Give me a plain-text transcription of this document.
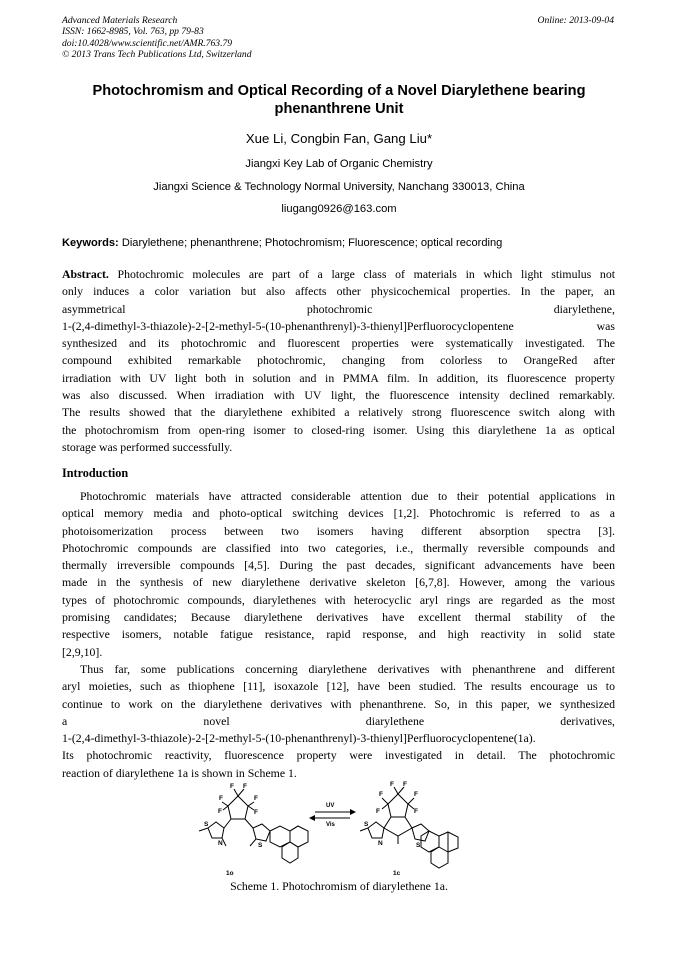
Advanced Materials Research
ISSN: 1662-8985, Vol. 763, pp 79-83
doi:10.4028/www.scientific.net/AMR.763.79
© 2013 Trans Tech Publications Ltd, Switzerland
Online: 2013-09-04
Photochromism and Optical Recording of a Novel Diarylethene bearing
phenanthrene Unit
Xue Li, Congbin Fan, Gang Liu*
Jiangxi Key Lab of Organic Chemistry
Jiangxi Science & Technology Normal University, Nanchang 330013, China
liugang0926@163.com
Keywords: Diarylethene; phenanthrene; Photochromism; Fluorescence; optical recording
Abstract. Photochromic molecules are part of a large class of materials in which light stimulus not
only induces a color variation but also affects other physicochemical properties. In the paper, an
asymmetrical photochromic diarylethene,
1-(2,4-dimethyl-3-thiazole)-2-[2-methyl-5-(10-phenanthrenyl)-3-thienyl]Perfluorocyclopentene was
synthesized and its photochromic and fluorescent properties were systematically investigated. The
compound exhibited remarkable photochromic, changing from colorless to OrangeRed after
irradiation with UV light both in solution and in PMMA film. In addition, its fluorescence property
was also discussed. When irradiation with UV light, the fluorescence intensity declined remarkably.
The results showed that the diarylethene exhibited a relatively strong fluorescence switch along with
the photochromism from open-ring isomer to closed-ring isomer. Using this diarylethene 1a as optical
storage was performed successfully.
Introduction
Photochromic materials have attracted considerable attention due to their potential applications in
optical memory media and photo-optical switching devices [1,2]. Photochromic is referred to as a
photoisomerization process between two isomers having different absorption spectra [3].
Photochromic compounds are classified into two categories, i.e., thermally reversible compounds and
thermally irreversible compounds [4,5]. During the past decades, significant advancements have been
made in the synthesis of new diarylethene derivative skeleton [6,7,8]. However, among the various
types of photochromic compounds, diarylethenes with heterocyclic aryl rings are regarded as the most
promising candidates; Because diarylethene derivatives have excellent thermal stability of the
respective isomers, notable fatigue resistance, rapid response, and high reactivity in solid state
[2,9,10].
Thus far, some publications concerning diarylethene derivatives with phenanthrene and different
aryl moieties, such as thiophene [11], isoxazole [12], have been studied. The results encourage us to
continue to work on the diarylethene derivatives with phenanthrene. So, in this paper, we synthesized
a novel diarylethene derivatives,
1-(2,4-dimethyl-3-thiazole)-2-[2-methyl-5-(10-phenanthrenyl)-3-thienyl]Perfluorocyclopentene(1a).
Its photochromic reactivity, fluorescence property were investigated in detail. The photochromic
reaction of diarylethene 1a is shown in Scheme 1.
F
F F
F
F	F
S
N	S
1o
UV
Vis
F
F F
F
F	F
S
N	S
1c
Scheme 1. Photochromism of diarylethene 1a.
